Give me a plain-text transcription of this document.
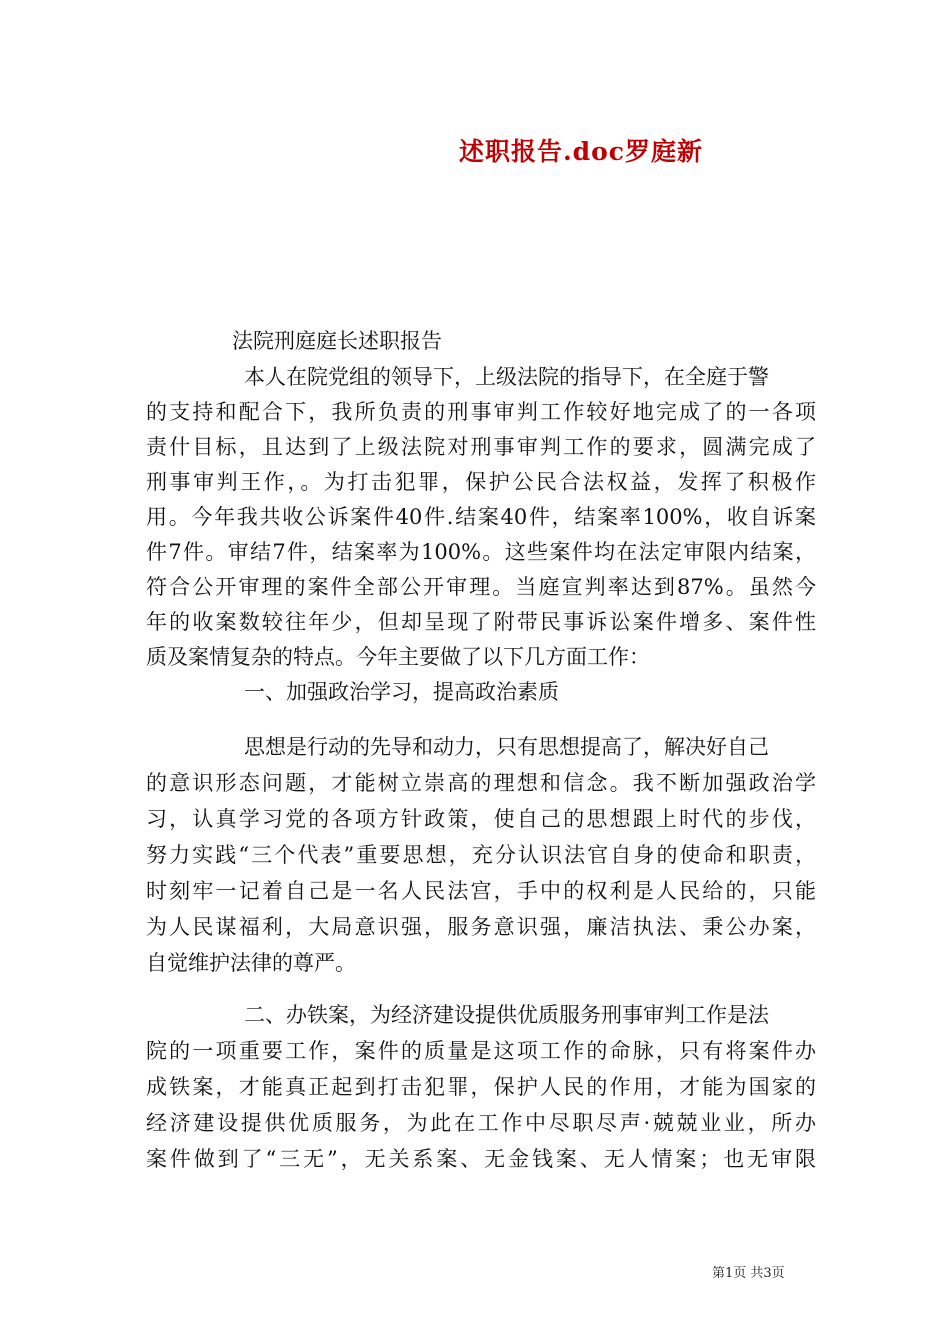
述职报告.doc罗庭新
法院刑庭庭长述职报告
本人在院党组的领导下，上级法院的指导下，在全庭于警
的支持和配合下，我所负责的刑事审判工作较好地完成了的一各项
责什目标，且达到了上级法院对刑事审判工作的要求，圆满完成了
刑事审判王作，。为打击犯罪，保护公民合法权益，发挥了积极作
用。今年我共收公诉案件40件.结案40件，结案率100%，收自诉案
件7件。审结7件，结案率为100%。这些案件均在法定审限内结案，
符合公开审理的案件全部公开审理。当庭宣判率达到87%。虽然今
年的收案数较往年少，但却呈现了附带民事诉讼案件增多、案件性
质及案情复杂的特点。今年主要做了以下几方面工作：
一、加强政治学习，提高政治素质
思想是行动的先导和动力，只有思想提高了，解决好自己
的意识形态问题，才能树立崇高的理想和信念。我不断加强政治学
习，认真学习党的各项方针政策，使自己的思想跟上时代的步伐，
努力实践“三个代表”重要思想，充分认识法官自身的使命和职责，
时刻牢一记着自己是一名人民法宫，手中的权利是人民给的，只能
为人民谋福利，大局意识强，服务意识强，廉洁执法、秉公办案，
自觉维护法律的尊严。
二、办铁案，为经济建设提供优质服务刑事审判工作是法
院的一项重要工作，案件的质量是这项工作的命脉，只有将案件办
成铁案，才能真正起到打击犯罪，保护人民的作用，才能为国家的
经济建设提供优质服务，为此在工作中尽职尽声·兢兢业业，所办
案件做到了“三无”，无关系案、无金钱案、无人情案；也无审限
第1页 共3页
